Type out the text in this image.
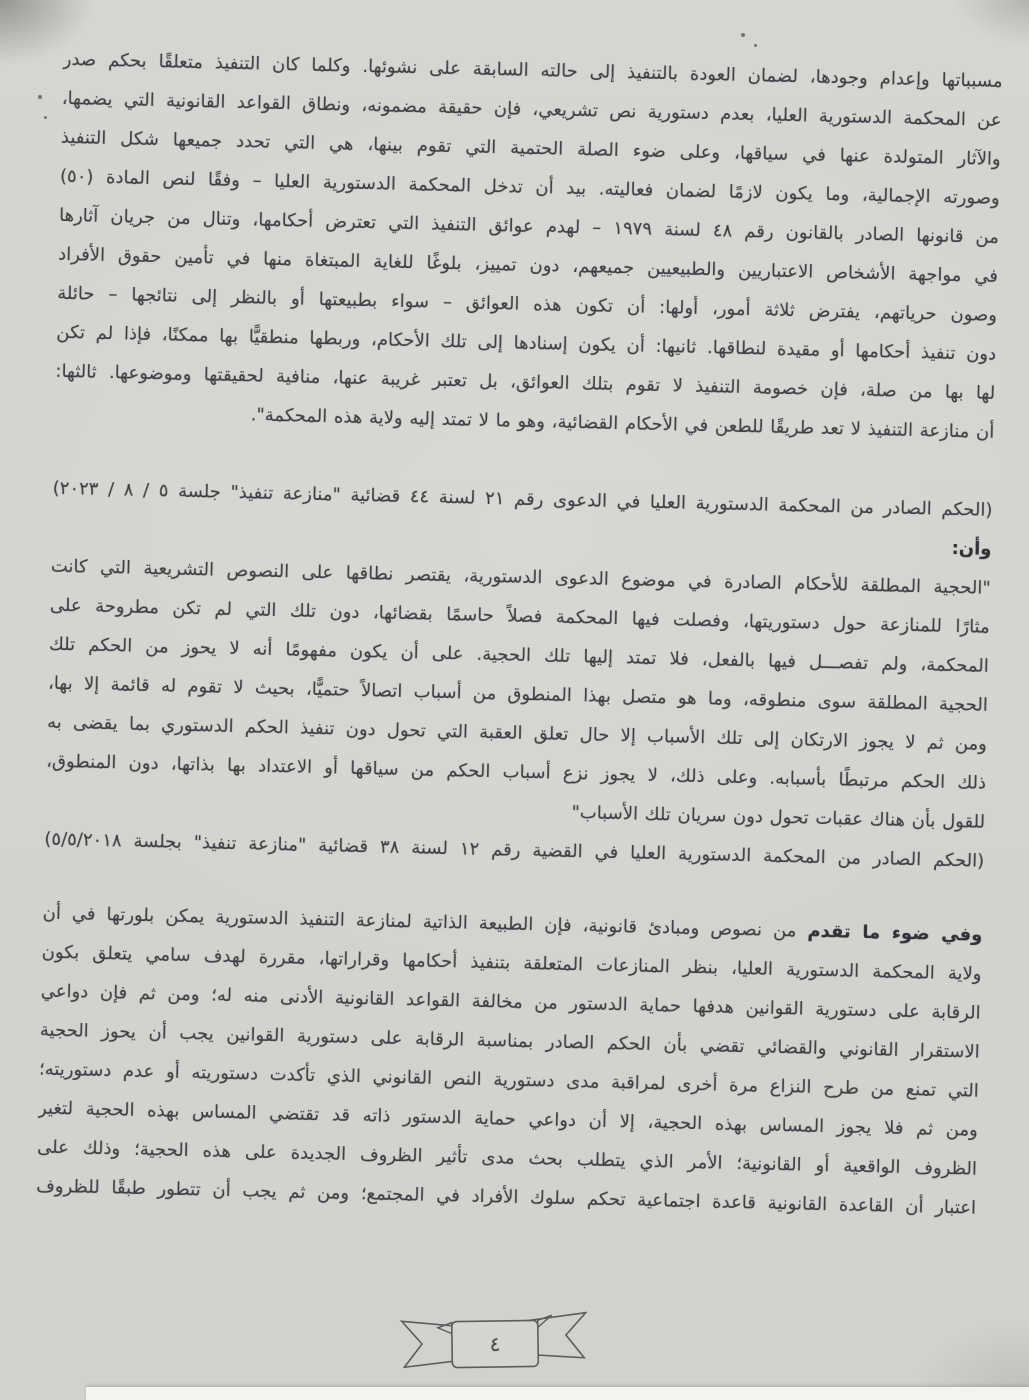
مسبباتها وإعدام وجودها، لضمان العودة بالتنفيذ إلى حالته السابقة على نشوئها. وكلما كان التنفيذ متعلقًا بحكم صدر
عن المحكمة الدستورية العليا، بعدم دستورية نص تشريعي، فإن حقيقة مضمونه، ونطاق القواعد القانونية التي يضمها،
والآثار المتولدة عنها في سياقها، وعلى ضوء الصلة الحتمية التي تقوم بينها، هي التي تحدد جميعها شكل التنفيذ
وصورته الإجمالية، وما يكون لازمًا لضمان فعاليته. بيد أن تدخل المحكمة الدستورية العليا – وفقًا لنص المادة (٥٠)
من قانونها الصادر بالقانون رقم ٤٨ لسنة ١٩٧٩ – لهدم عوائق التنفيذ التي تعترض أحكامها، وتنال من جريان آثارها
في مواجهة الأشخاص الاعتباريين والطبيعيين جميعهم، دون تمييز، بلوغًا للغاية المبتغاة منها في تأمين حقوق الأفراد
وصون حرياتهم، يفترض ثلاثة أمور، أولها: أن تكون هذه العوائق – سواء بطبيعتها أو بالنظر إلى نتائجها – حائلة
دون تنفيذ أحكامها أو مقيدة لنطاقها. ثانيها: أن يكون إسنادها إلى تلك الأحكام، وربطها منطقيًّا بها ممكنًا، فإذا لم تكن
لها بها من صلة، فإن خصومة التنفيذ لا تقوم بتلك العوائق، بل تعتبر غريبة عنها، منافية لحقيقتها وموضوعها. ثالثها:
أن منازعة التنفيذ لا تعد طريقًا للطعن في الأحكام القضائية، وهو ما لا تمتد إليه ولاية هذه المحكمة".
(الحكم الصادر من المحكمة الدستورية العليا في الدعوى رقم ٢١ لسنة ٤٤ قضائية "منازعة تنفيذ" جلسة ٥ / ٨ / ٢٠٢٣)
وأن:
"الحجية المطلقة للأحكام الصادرة في موضوع الدعوى الدستورية، يقتصر نطاقها على النصوص التشريعية التي كانت
مثارًا للمنازعة حول دستوريتها، وفصلت فيها المحكمة فصلاً حاسمًا بقضائها، دون تلك التي لم تكن مطروحة على
المحكمة، ولم تفصـــل فيها بالفعل، فلا تمتد إليها تلك الحجية. على أن يكون مفهومًا أنه لا يحوز من الحكم تلك
الحجية المطلقة سوى منطوقه، وما هو متصل بهذا المنطوق من أسباب اتصالاً حتميًّا، بحيث لا تقوم له قائمة إلا بها،
ومن ثم لا يجوز الارتكان إلى تلك الأسباب إلا حال تعلق العقبة التي تحول دون تنفيذ الحكم الدستوري بما يقضى به
ذلك الحكم مرتبطًا بأسبابه. وعلى ذلك، لا يجوز نزع أسباب الحكم من سياقها أو الاعتداد بها بذاتها، دون المنطوق،
للقول بأن هناك عقبات تحول دون سريان تلك الأسباب"
(الحكم الصادر من المحكمة الدستورية العليا في القضية رقم ١٢ لسنة ٣٨ قضائية "منازعة تنفيذ" بجلسة ٥/٥/٢٠١٨)
وفي ضوء ما تقدم من نصوص ومبادئ قانونية، فإن الطبيعة الذاتية لمنازعة التنفيذ الدستورية يمكن بلورتها في أن
ولاية المحكمة الدستورية العليا، بنظر المنازعات المتعلقة بتنفيذ أحكامها وقراراتها، مقررة لهدف سامي يتعلق بكون
الرقابة على دستورية القوانين هدفها حماية الدستور من مخالفة القواعد القانونية الأدنى منه له؛ ومن ثم فإن دواعي
الاستقرار القانوني والقضائي تقضي بأن الحكم الصادر بمناسبة الرقابة على دستورية القوانين يجب أن يحوز الحجية
التي تمنع من طرح النزاع مرة أخرى لمراقبة مدى دستورية النص القانوني الذي تأكدت دستوريته أو عدم دستوريته؛
ومن ثم فلا يجوز المساس بهذه الحجية، إلا أن دواعي حماية الدستور ذاته قد تقتضي المساس بهذه الحجية لتغير
الظروف الواقعية أو القانونية؛ الأمر الذي يتطلب بحث مدى تأثير الظروف الجديدة على هذه الحجية؛ وذلك على
اعتبار أن القاعدة القانونية قاعدة اجتماعية تحكم سلوك الأفراد في المجتمع؛ ومن ثم يجب أن تتطور طبقًا للظروف
٤
